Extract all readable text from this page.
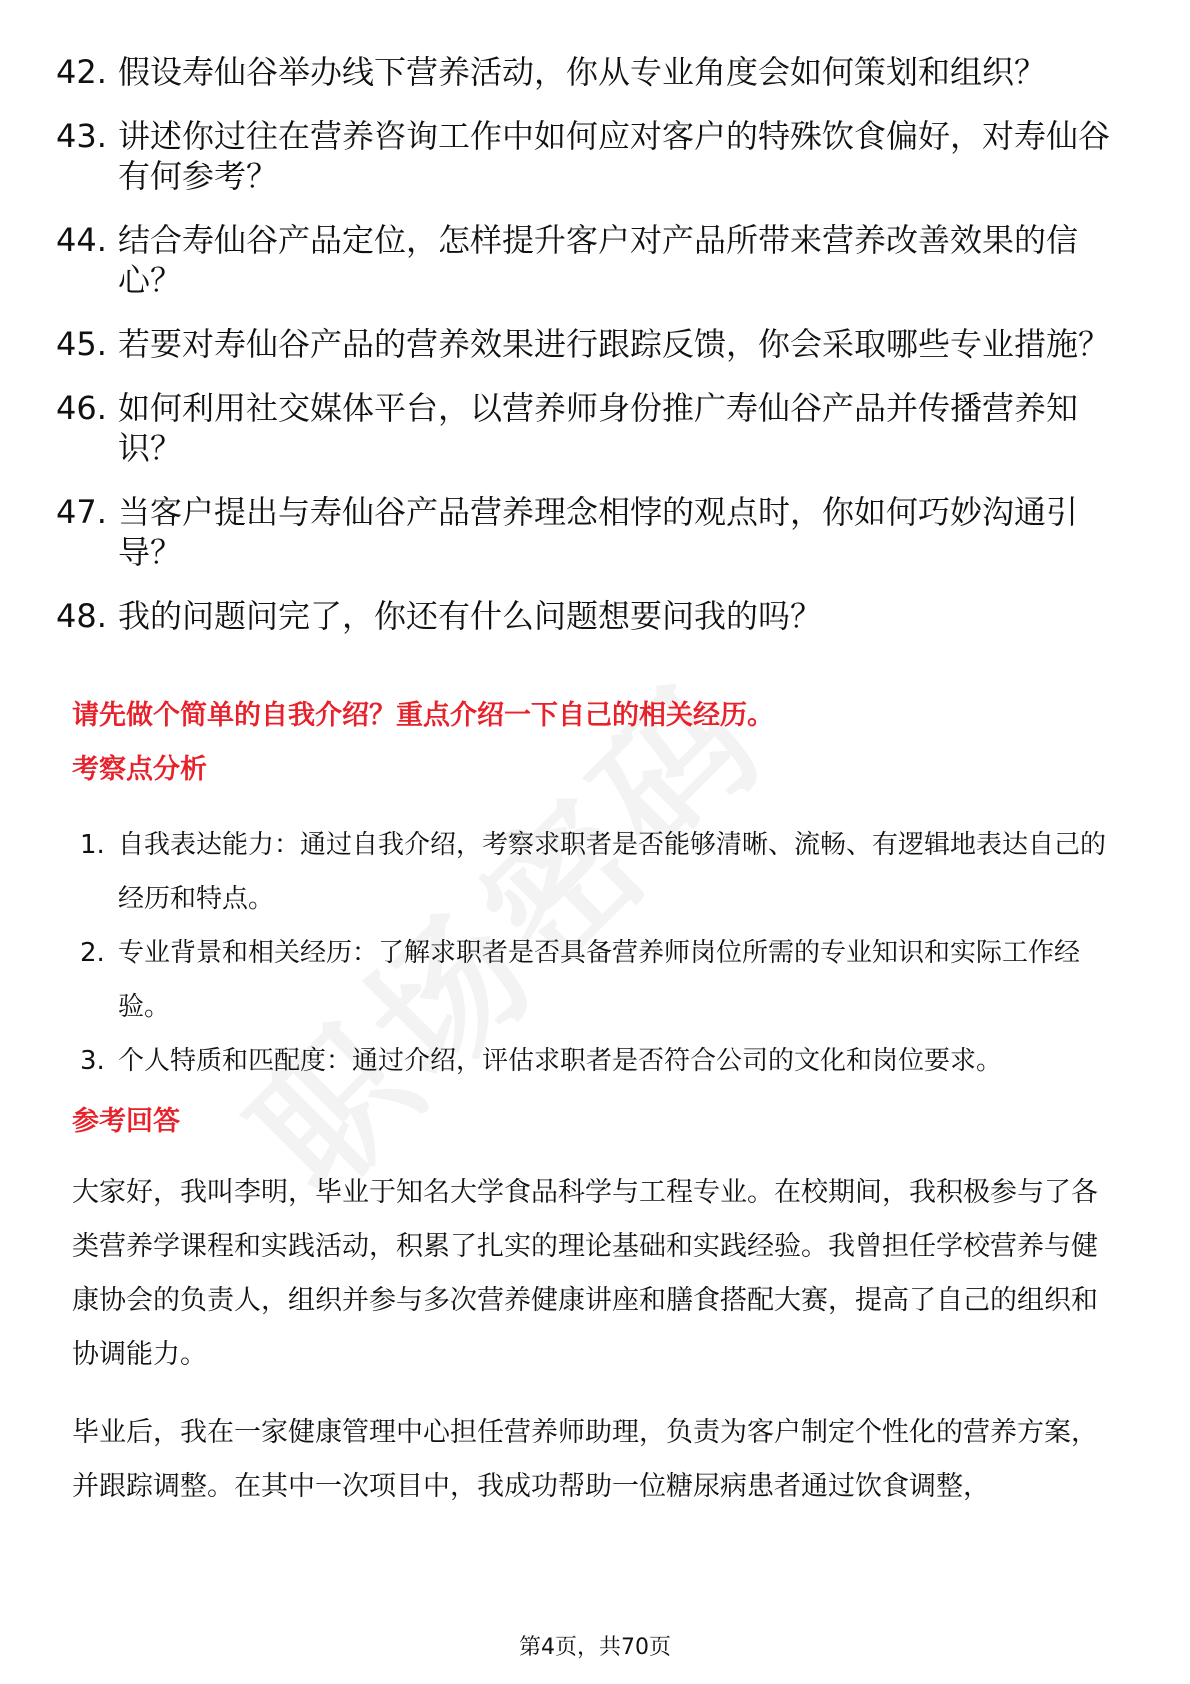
42. 假设寿仙谷举办线下营养活动，你从专业角度会如何策划和组织？
43. 讲述你过往在营养咨询工作中如何应对客户的特殊饮食偏好，对寿仙谷有何参考？
44. 结合寿仙谷产品定位，怎样提升客户对产品所带来营养改善效果的信心？
45. 若要对寿仙谷产品的营养效果进行跟踪反馈，你会采取哪些专业措施？
46. 如何利用社交媒体平台，以营养师身份推广寿仙谷产品并传播营养知识？
47. 当客户提出与寿仙谷产品营养理念相悖的观点时，你如何巧妙沟通引导？
48. 我的问题问完了，你还有什么问题想要问我的吗？
请先做个简单的自我介绍？重点介绍一下自己的相关经历。
考察点分析
1. 自我表达能力：通过自我介绍，考察求职者是否能够清晰、流畅、有逻辑地表达自己的经历和特点。
2. 专业背景和相关经历：了解求职者是否具备营养师岗位所需的专业知识和实际工作经验。
3. 个人特质和匹配度：通过介绍，评估求职者是否符合公司的文化和岗位要求。
参考回答

大家好，我叫李明，毕业于知名大学食品科学与工程专业。在校期间，我积极参与了各类营养学课程和实践活动，积累了扎实的理论基础和实践经验。我曾担任学校营养与健康协会的负责人，组织并参与多次营养健康讲座和膳食搭配大赛，提高了自己的组织和协调能力。

毕业后，我在一家健康管理中心担任营养师助理，负责为客户制定个性化的营养方案，并跟踪调整。在其中一次项目中，我成功帮助一位糖尿病患者通过饮食调整，

第4页，共70页
